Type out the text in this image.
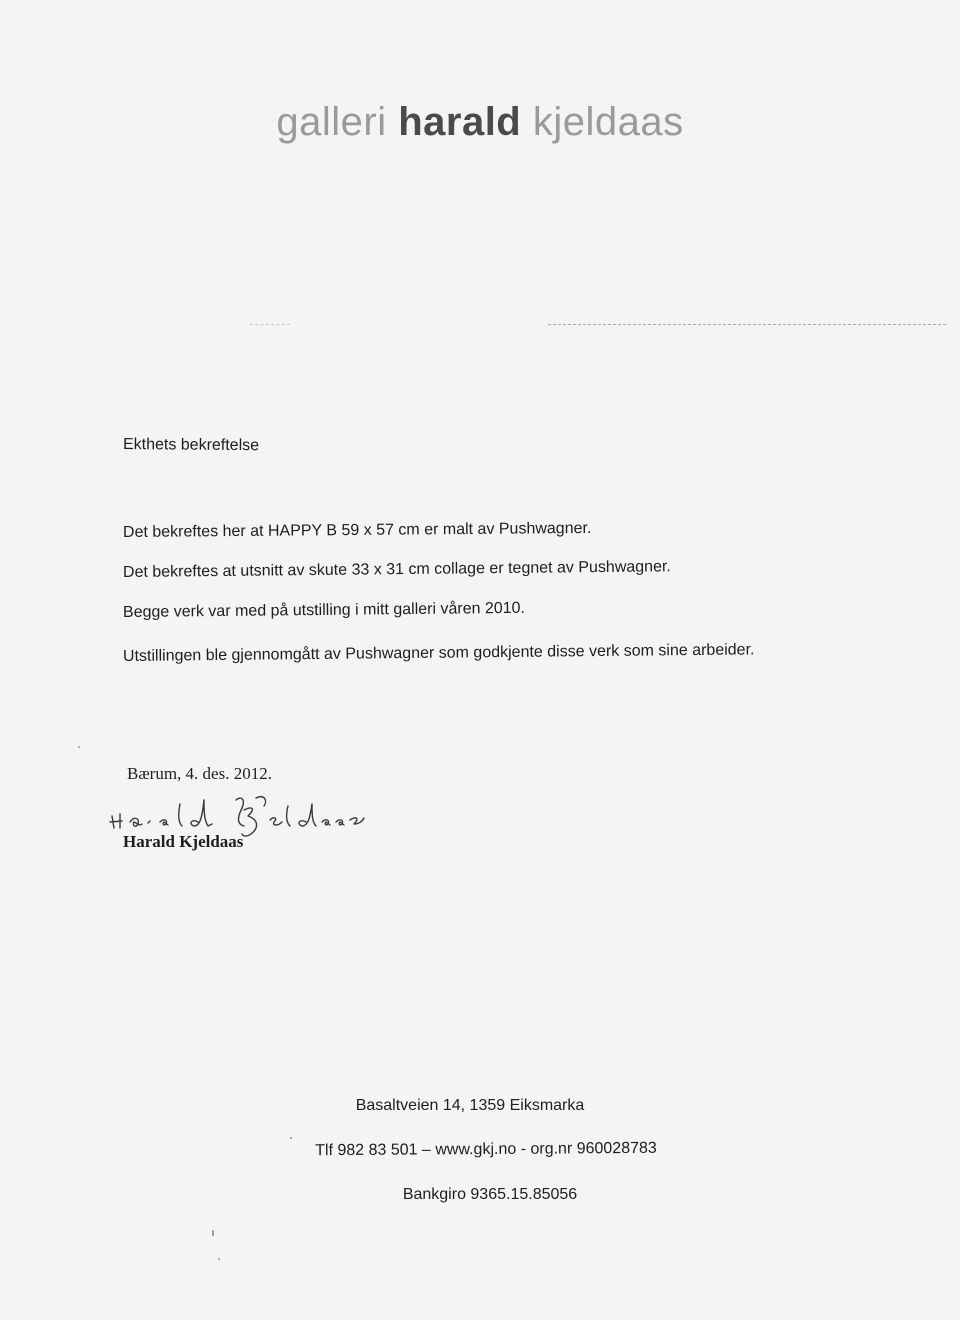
galleri harald kjeldaas
Ekthets bekreftelse
Det bekreftes her at HAPPY B 59 x 57 cm er malt av Pushwagner.
Det bekreftes at utsnitt av skute 33 x 31 cm collage er tegnet av Pushwagner.
Begge verk var med på utstilling i mitt galleri våren 2010.
Utstillingen ble gjennomgått av Pushwagner som godkjente disse verk som sine arbeider.
Bærum, 4. des. 2012.
Harald Kjeldaas
Basaltveien 14, 1359 Eiksmarka
Tlf 982 83 501 – www.gkj.no - org.nr 960028783
Bankgiro 9365.15.85056
